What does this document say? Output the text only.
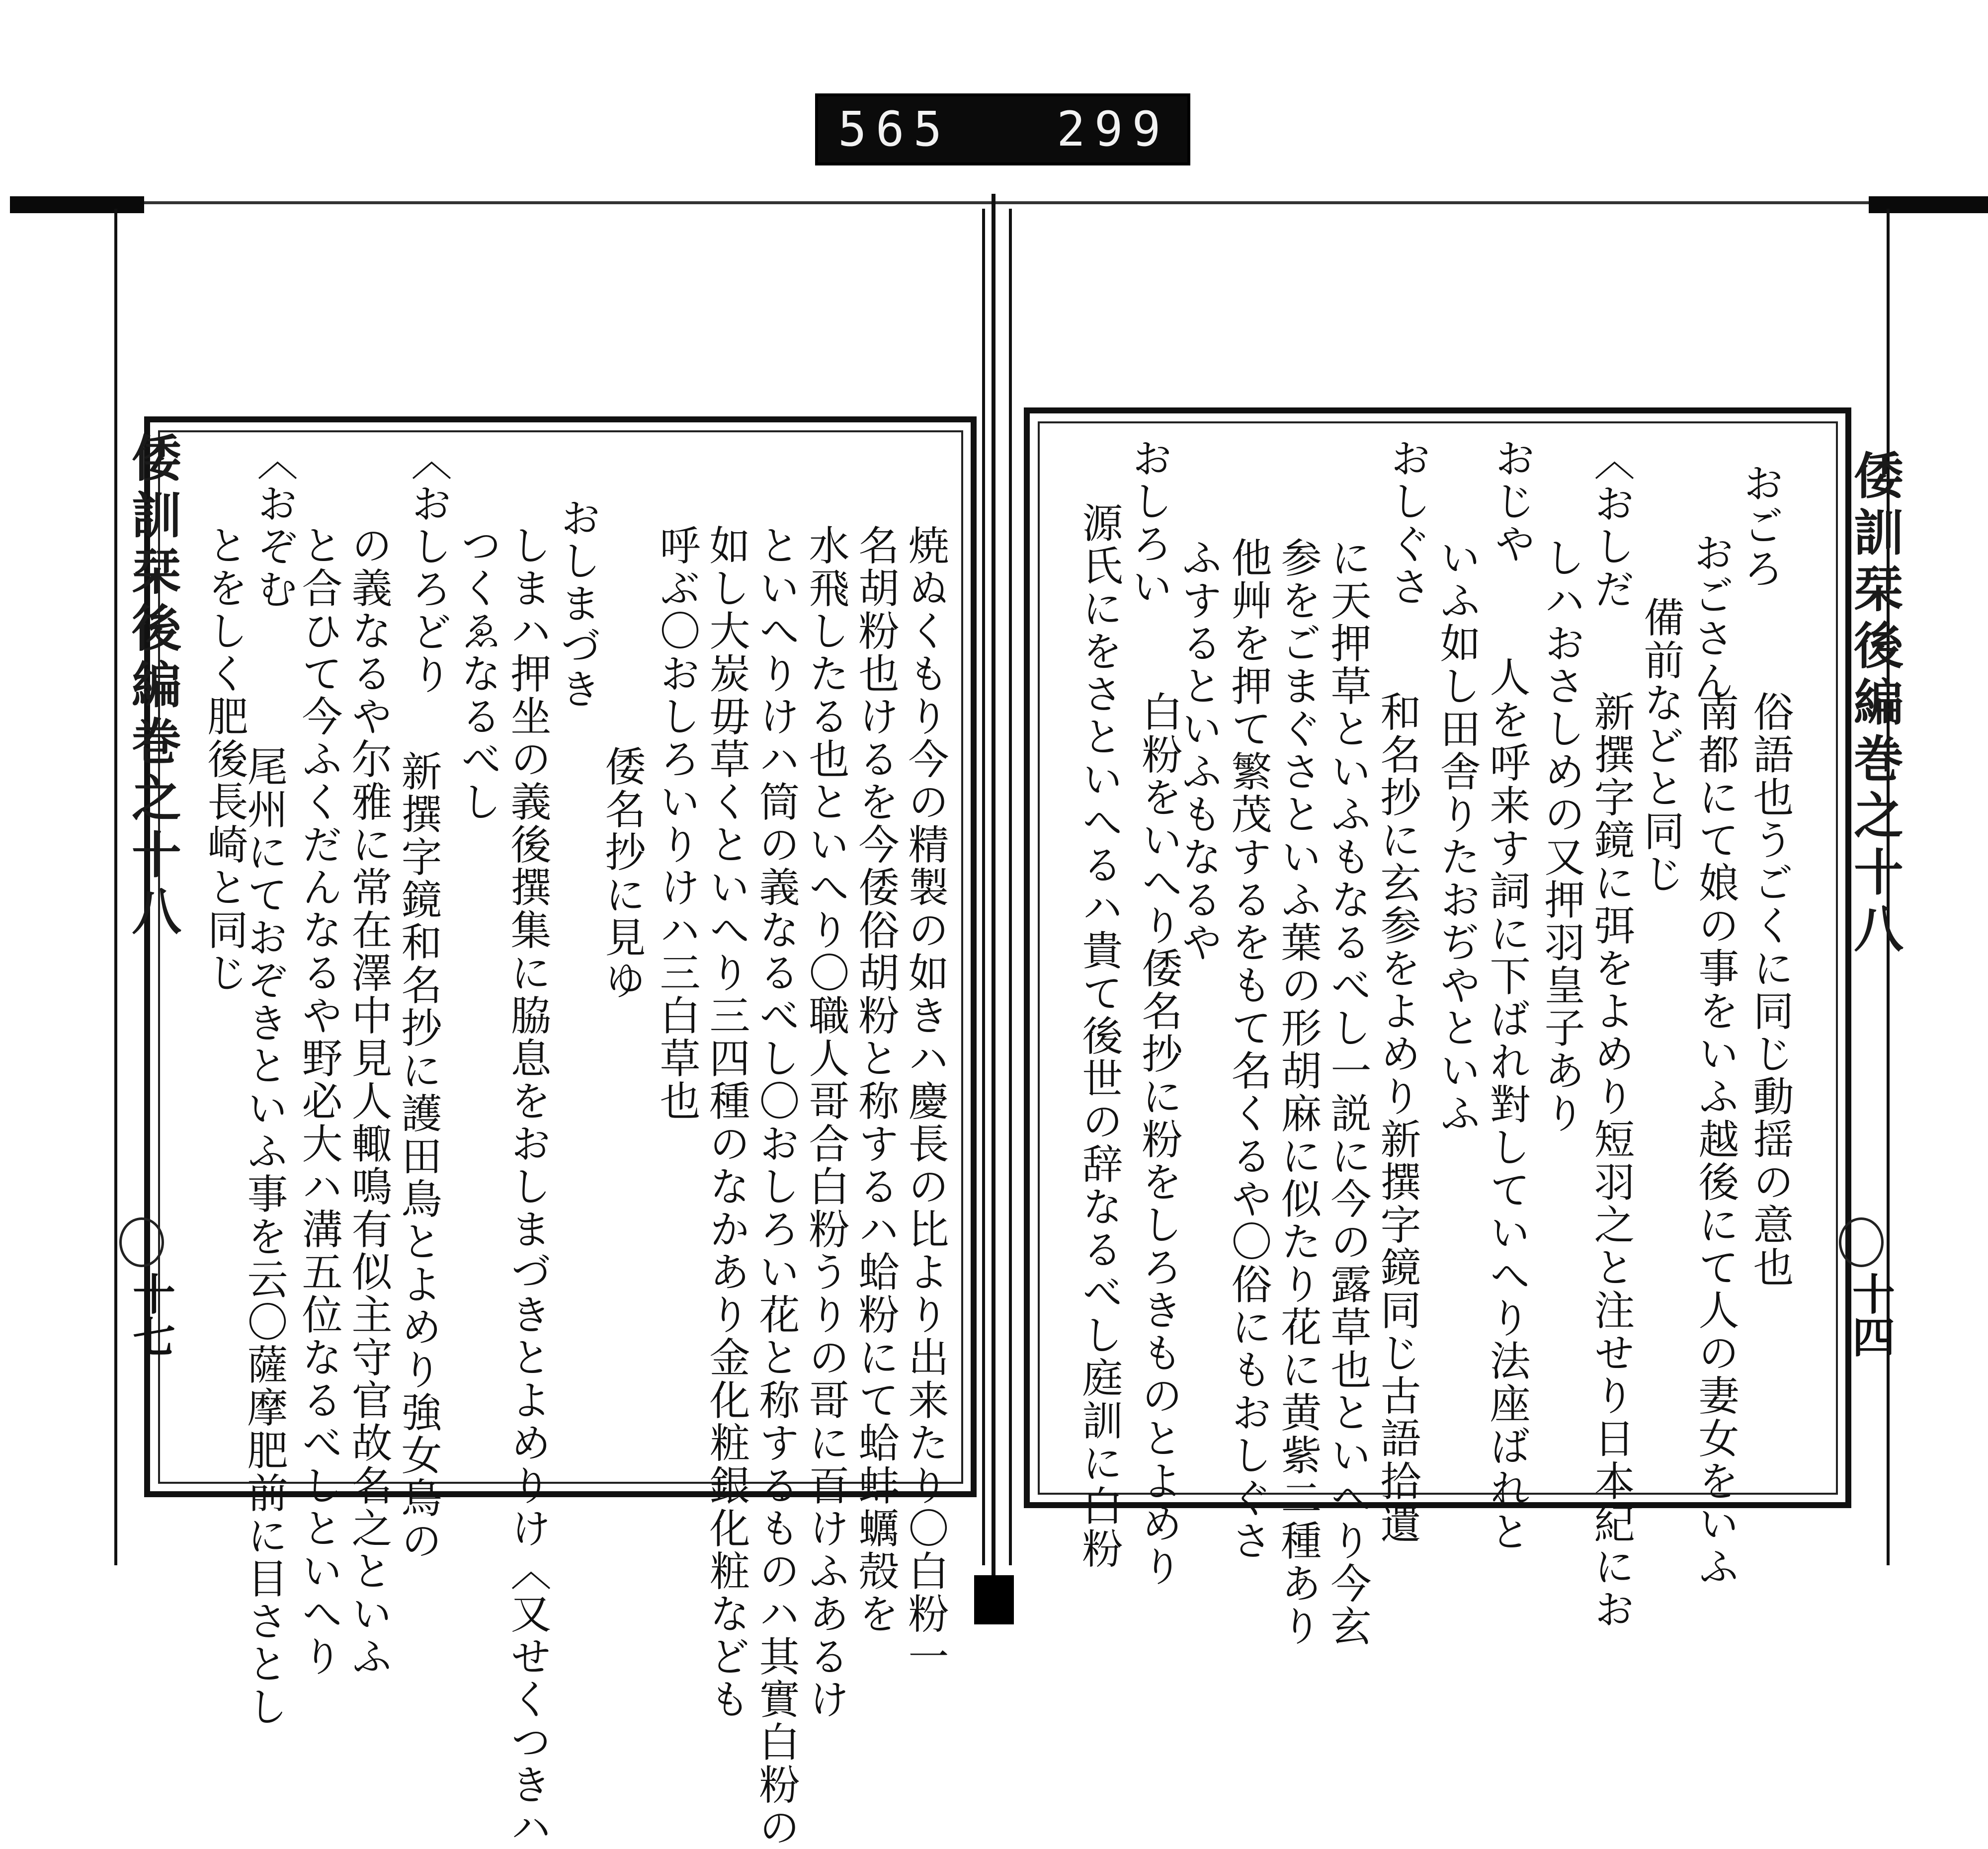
565 299
倭訓栞後編巻之十八
十七	焼ぬくもり今の精製の如きハ慶長の比より出来たり〇白粉一
名胡粉也けるを今倭俗胡粉と称するハ蛤粉にて蛤蚌蠣殻を
水飛したる也といへり〇職人哥合白粉うりの哥に百けふあるけ
といへりけハ筒の義なるべし〇おしろい花と称するものハ其實白粉の
如し大炭毋草くといへり三四種のなかあり金化粧銀化粧なども
呼ぶ〇おしろいりけハ三白草也
倭名抄に見ゆ
おしまづき
しまハ押坐の義後撰集に脇息をおしまづきとよめりけ〈又せくつきハ
つくゑなるべし
〈おしろどり
新撰字鏡和名抄に護田鳥とよめり強女鳥の
の義なるや尔雅に常在澤中見人輙鳴有似主守官故名之といふ
と合ひて今ふくだんなるや野必大ハ溝五位なるべしといへり
〈おぞむ
とをしく肥後長崎と同じ
尾州にておぞきといふ事を云〇薩摩肥前に目さとし
倭訓栞後編巻之十八
十四
おごろ
おごさん
俗語也うごくに同じ動揺の意也
南都にて娘の事をいふ越後にて人の妻女をいふ
備前などと同じ
〈おしだ
新撰字鏡に弭をよめり短羽之と注せり日本紀にお
しハおさしめの又押羽皇子あり
おじや
人を呼来す詞に下ばれ對していへり法座ばれと
いふ如し田舎りたおぢやといふ
おしぐさ
和名抄に玄参をよめり新撰字鏡同じ古語拾遺
に天押草といふもなるべし一説に今の露草也といへり今玄
参をごまぐさといふ葉の形胡麻に似たり花に黄紫二種あり
他艸を押て繁茂するをもて名くるや〇俗にもおしぐさ
ふするといふもなるや
おしろい
白粉をいへり倭名抄に粉をしろきものとよめり
源氏にをさといへるハ貴て後世の辞なるべし庭訓に白粉
